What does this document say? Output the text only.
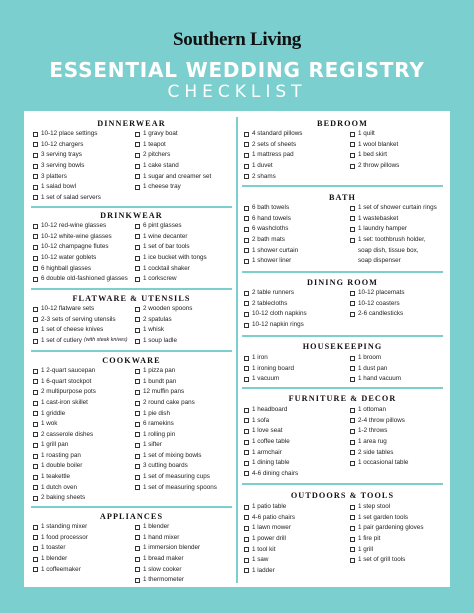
Southern Living
ESSENTIAL WEDDING REGISTRY
CHECKLIST
DINNERWEAR
10-12 place settings
10-12 chargers
3 serving trays
3 serving bowls
3 platters
1 salad bowl
1 set of salad servers
1 gravy boat
1 teapot
2 pitchers
1 cake stand
1 sugar and creamer set
1 cheese tray
DRINKWEAR
10-12 red-wine glasses
10-12 white-wine glasses
10-12 champagne flutes
10-12 water goblets
6 highball glasses
6 double old-fashioned glasses
6 pint glasses
1 wine decanter
1 set of bar tools
1 ice bucket with tongs
1 cocktail shaker
1 corkscrew
FLATWARE & UTENSILS
10-12 flatware sets
2-3 sets of serving utensils
1 set of cheese knives
1 set of cutlery (with steak knives)
2 wooden spoons
2 spatulas
1 whisk
1 soup ladle
COOKWARE
1 2-quart saucepan
1 6-quart stockpot
2 multipurpose pots
1 cast-iron skillet
1 griddle
1 wok
2 casserole dishes
1 grill pan
1 roasting pan
1 double boiler
1 teakettle
1 dutch oven
2 baking sheets
1 pizza pan
1 bundt pan
12 muffin pans
2 round cake pans
1 pie dish
6 ramekins
1 rolling pin
1 sifter
1 set of mixing bowls
3 cutting boards
1 set of measuring cups
1 set of measuring spoons
APPLIANCES
1 standing mixer
1 food processor
1 toaster
1 blender
1 coffeemaker
1 blender
1 hand mixer
1 immersion blender
1 bread maker
1 slow cooker
1 thermometer
BEDROOM
4 standard pillows
2 sets of sheets
1 mattress pad
1 duvet
2 shams
1 quilt
1 wool blanket
1 bed skirt
2 throw pillows
BATH
6 bath towels
6 hand towels
6 washcloths
2 bath mats
1 shower curtain
1 shower liner
1 set of shower curtain rings
1 wastebasket
1 laundry hamper
1 set: toothbrush holder,
soap dish, tissue box,
soap dispenser
DINING ROOM
2 table runners
2 tablecloths
10-12 cloth napkins
10-12 napkin rings
10-12 placemats
10-12 coasters
2-6 candlesticks
HOUSEKEEPING
1 iron
1 ironing board
1 vacuum
1 broom
1 dust pan
1 hand vacuum
FURNITURE & DECOR
1 headboard
1 sofa
1 love seat
1 coffee table
1 armchair
1 dining table
4-6 dining chairs
1 ottoman
2-4 throw pillows
1-2 throws
1 area rug
2 side tables
1 occasional table
OUTDOORS & TOOLS
1 patio table
4-6 patio chairs
1 lawn mower
1 power drill
1 tool kit
1 saw
1 ladder
1 step stool
1 set garden tools
1 pair gardening gloves
1 fire pit
1 grill
1 set of grill tools
